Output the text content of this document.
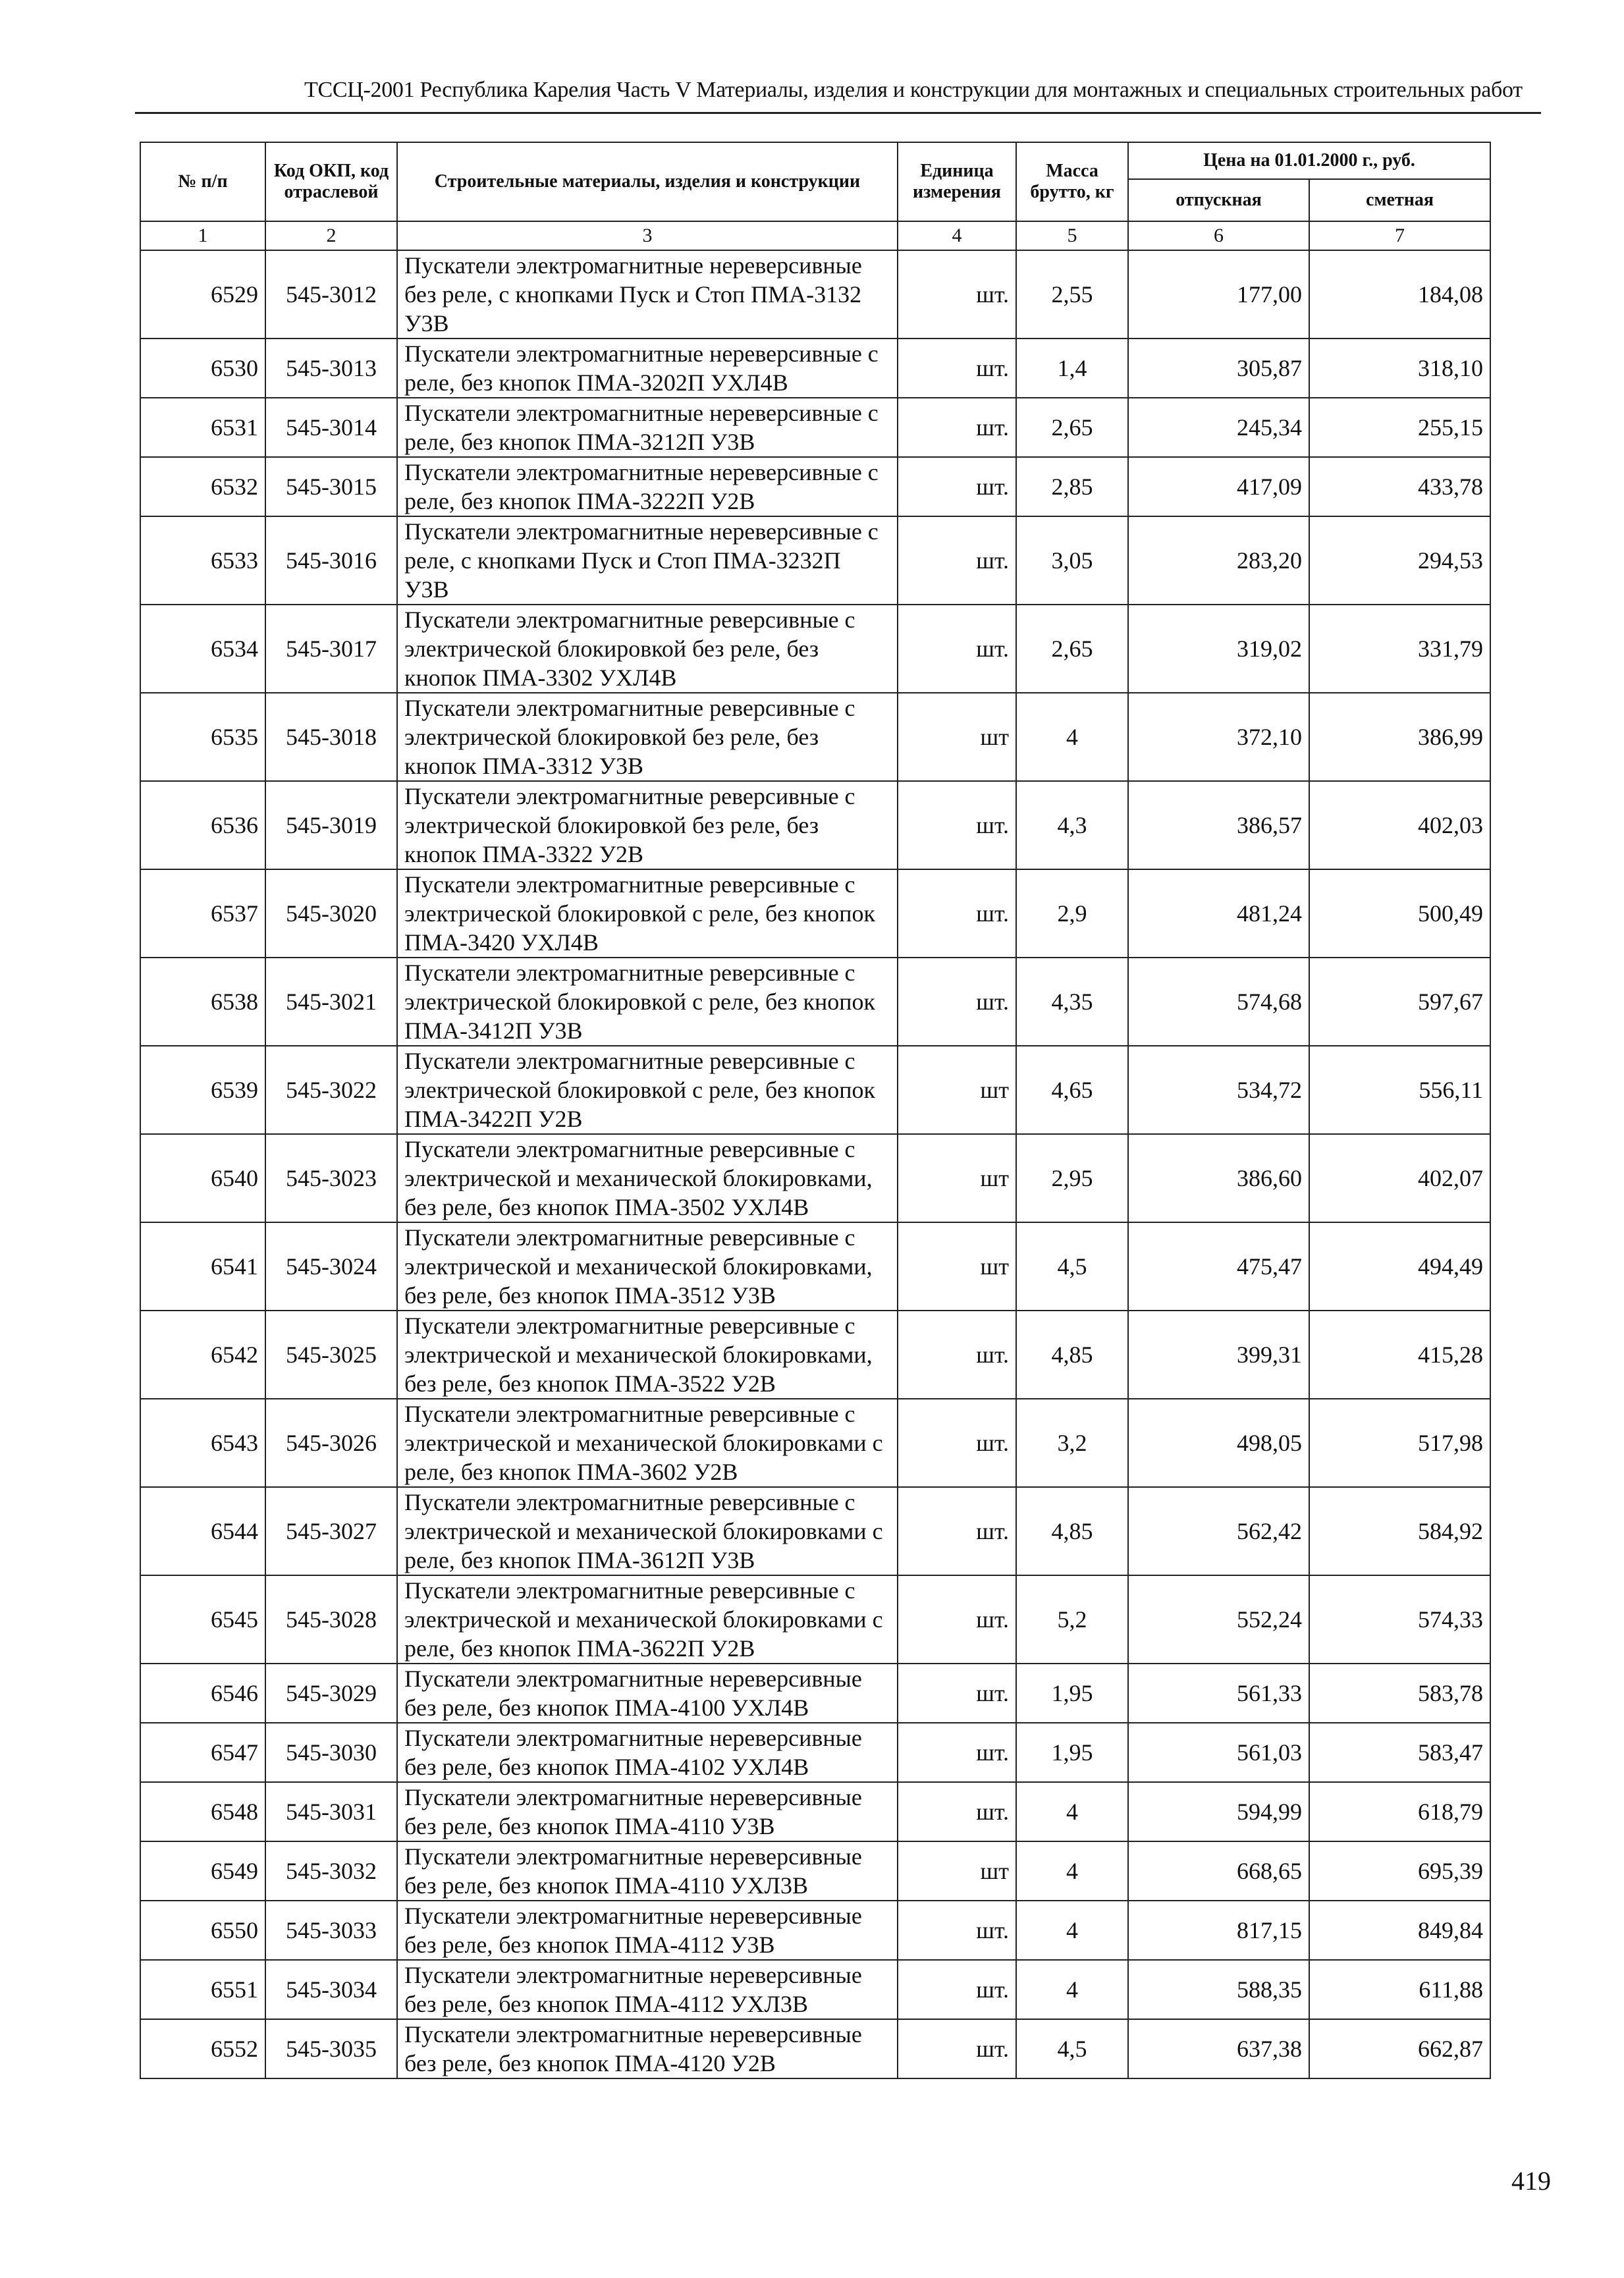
ТССЦ-2001 Республика Карелия Часть V Материалы, изделия и конструкции для монтажных и специальных строительных работ
№ п/п	Код ОКП, код отраслевой	Строительные материалы, изделия и конструкции	Единица измерения	Масса брутто, кг	Цена на 01.01.2000 г., руб.	
					отпускная	сметная
1	2	3	4	5	6	7
6529	545-3012	Пускатели электромагнитные нереверсивные без реле, с кнопками Пуск и Стоп ПМА-3132 У3В	шт.	2,55	177,00	184,08
6530	545-3013	Пускатели электромагнитные нереверсивные с реле, без кнопок ПМА-3202П УХЛ4В	шт.	1,4	305,87	318,10
6531	545-3014	Пускатели электромагнитные нереверсивные с реле, без кнопок ПМА-3212П У3В	шт.	2,65	245,34	255,15
6532	545-3015	Пускатели электромагнитные нереверсивные с реле, без кнопок ПМА-3222П У2В	шт.	2,85	417,09	433,78
6533	545-3016	Пускатели электромагнитные нереверсивные с реле, с кнопками Пуск и Стоп ПМА-3232П У3В	шт.	3,05	283,20	294,53
6534	545-3017	Пускатели электромагнитные реверсивные с электрической блокировкой без реле, без кнопок ПМА-3302 УХЛ4В	шт.	2,65	319,02	331,79
6535	545-3018	Пускатели электромагнитные реверсивные с электрической блокировкой без реле, без кнопок ПМА-3312 У3В	шт	4	372,10	386,99
6536	545-3019	Пускатели электромагнитные реверсивные с электрической блокировкой без реле, без кнопок ПМА-3322 У2В	шт.	4,3	386,57	402,03
6537	545-3020	Пускатели электромагнитные реверсивные с электрической блокировкой с реле, без кнопок ПМА-3420 УХЛ4В	шт.	2,9	481,24	500,49
6538	545-3021	Пускатели электромагнитные реверсивные с электрической блокировкой с реле, без кнопок ПМА-3412П У3В	шт.	4,35	574,68	597,67
6539	545-3022	Пускатели электромагнитные реверсивные с электрической блокировкой с реле, без кнопок ПМА-3422П У2В	шт	4,65	534,72	556,11
6540	545-3023	Пускатели электромагнитные реверсивные с электрической и механической блокировками, без реле, без кнопок ПМА-3502 УХЛ4В	шт	2,95	386,60	402,07
6541	545-3024	Пускатели электромагнитные реверсивные с электрической и механической блокировками, без реле, без кнопок ПМА-3512 У3В	шт	4,5	475,47	494,49
6542	545-3025	Пускатели электромагнитные реверсивные с электрической и механической блокировками, без реле, без кнопок ПМА-3522 У2В	шт.	4,85	399,31	415,28
6543	545-3026	Пускатели электромагнитные реверсивные с электрической и механической блокировками с реле, без кнопок ПМА-3602 У2В	шт.	3,2	498,05	517,98
6544	545-3027	Пускатели электромагнитные реверсивные с электрической и механической блокировками с реле, без кнопок ПМА-3612П У3В	шт.	4,85	562,42	584,92
6545	545-3028	Пускатели электромагнитные реверсивные с электрической и механической блокировками с реле, без кнопок ПМА-3622П У2В	шт.	5,2	552,24	574,33
6546	545-3029	Пускатели электромагнитные нереверсивные без реле, без кнопок ПМА-4100 УХЛ4В	шт.	1,95	561,33	583,78
6547	545-3030	Пускатели электромагнитные нереверсивные без реле, без кнопок ПМА-4102 УХЛ4В	шт.	1,95	561,03	583,47
6548	545-3031	Пускатели электромагнитные нереверсивные без реле, без кнопок ПМА-4110 У3В	шт.	4	594,99	618,79
6549	545-3032	Пускатели электромагнитные нереверсивные без реле, без кнопок ПМА-4110 УХЛ3В	шт	4	668,65	695,39
6550	545-3033	Пускатели электромагнитные нереверсивные без реле, без кнопок ПМА-4112 У3В	шт.	4	817,15	849,84
6551	545-3034	Пускатели электромагнитные нереверсивные без реле, без кнопок ПМА-4112 УХЛ3В	шт.	4	588,35	611,88
6552	545-3035	Пускатели электромагнитные нереверсивные без реле, без кнопок ПМА-4120 У2В	шт.	4,5	637,38	662,87
419
